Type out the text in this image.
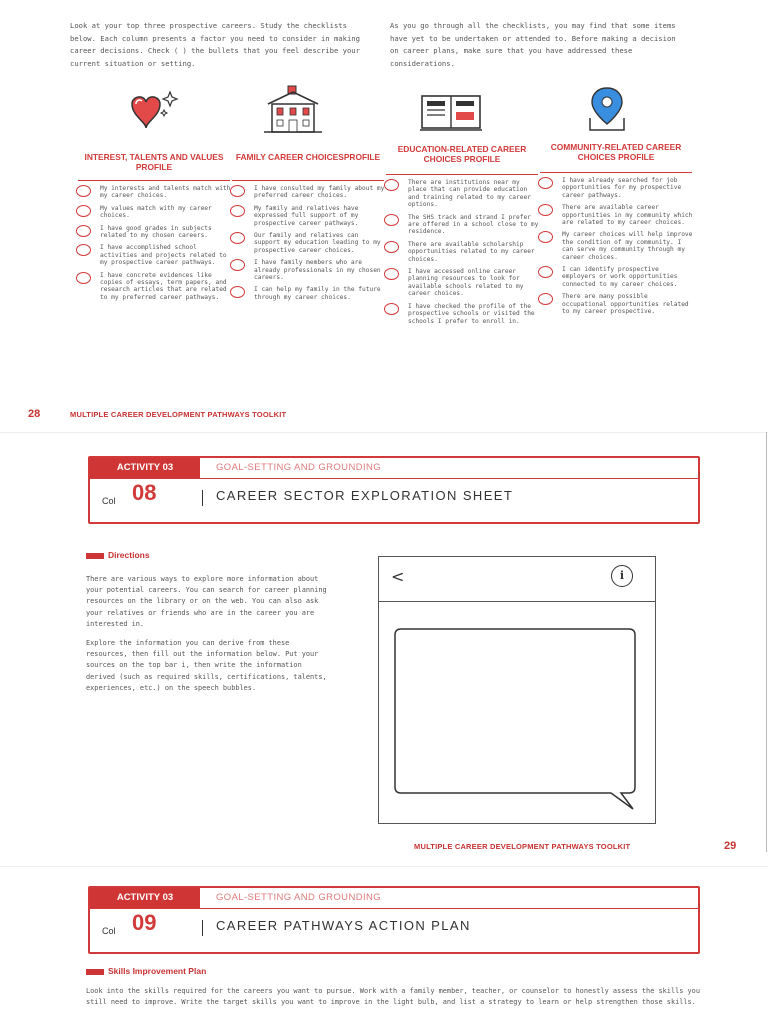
Look at your top three prospective careers. Study the checklists below. Each column presents a factor you need to consider in making career decisions. Check ( ) the bullets that you feel describe your current situation or setting.

As you go through all the checklists, you may find that some items have yet to be undertaken or attended to. Before making a decision on career plans, make sure that you have addressed these considerations.

INTEREST, TALENTS AND VALUES PROFILE
My interests and talents match with my career choices.
My values match with my career choices.
I have good grades in subjects related to my chosen careers.
I have accomplished school activities and projects related to my prospective career pathways.
I have concrete evidences like copies of essays, term papers, and research articles that are related to my preferred career pathways.
FAMILY CAREER CHOICESPROFILE
I have consulted my family about my preferred career choices.
My family and relatives have expressed full support of my prospective career pathways.
Our family and relatives can support my education leading to my prospective career choices.
I have family members who are already professionals in my chosen careers.
I can help my family in the future through my career choices.
EDUCATION-RELATED CAREER CHOICES PROFILE
There are institutions near my place that can provide education and training related to my career options.
The SHS track and strand I prefer are offered in a school close to my residence.
There are available scholarship opportunities related to my career choices.
I have accessed online career planning resources to look for available schools related to my career choices.
I have checked the profile of the prospective schools or visited the schools I prefer to enroll in.
COMMUNITY-RELATED CAREER CHOICES PROFILE
I have already searched for job opportunities for my prospective career pathways.
There are available career opportunities in my community which are related to my career choices.
My career choices will help improve the condition of my community. I can serve my community through my career choices.
I can identify prospective employers or work opportunities connected to my career choices.
There are many possible occupational opportunities related to my career prospective.
28	MULTIPLE CAREER DEVELOPMENT PATHWAYS TOOLKIT
ACTIVITY 03	GOAL-SETTING AND GROUNDING
Col 08	CAREER SECTOR EXPLORATION SHEET
Directions

There are various ways to explore more information about your potential careers. You can search for career planning resources on the library or on the web. You can also ask your relatives or friends who are in the career you are interested in.

Explore the information you can derive from these resources, then fill out the information below. Put your sources on the top bar i, then write the information derived (such as required skills, certifications, talents, experiences, etc.) on the speech bubbles.

<	i
MULTIPLE CAREER DEVELOPMENT PATHWAYS TOOLKIT	29
ACTIVITY 03	GOAL-SETTING AND GROUNDING
Col 09	CAREER PATHWAYS ACTION PLAN
Skills Improvement Plan

Look into the skills required for the careers you want to pursue. Work with a family member, teacher, or counselor to honestly assess the skills you still need to improve. Write the target skills you want to improve in the light bulb, and list a strategy to learn or help strengthen those skills.
